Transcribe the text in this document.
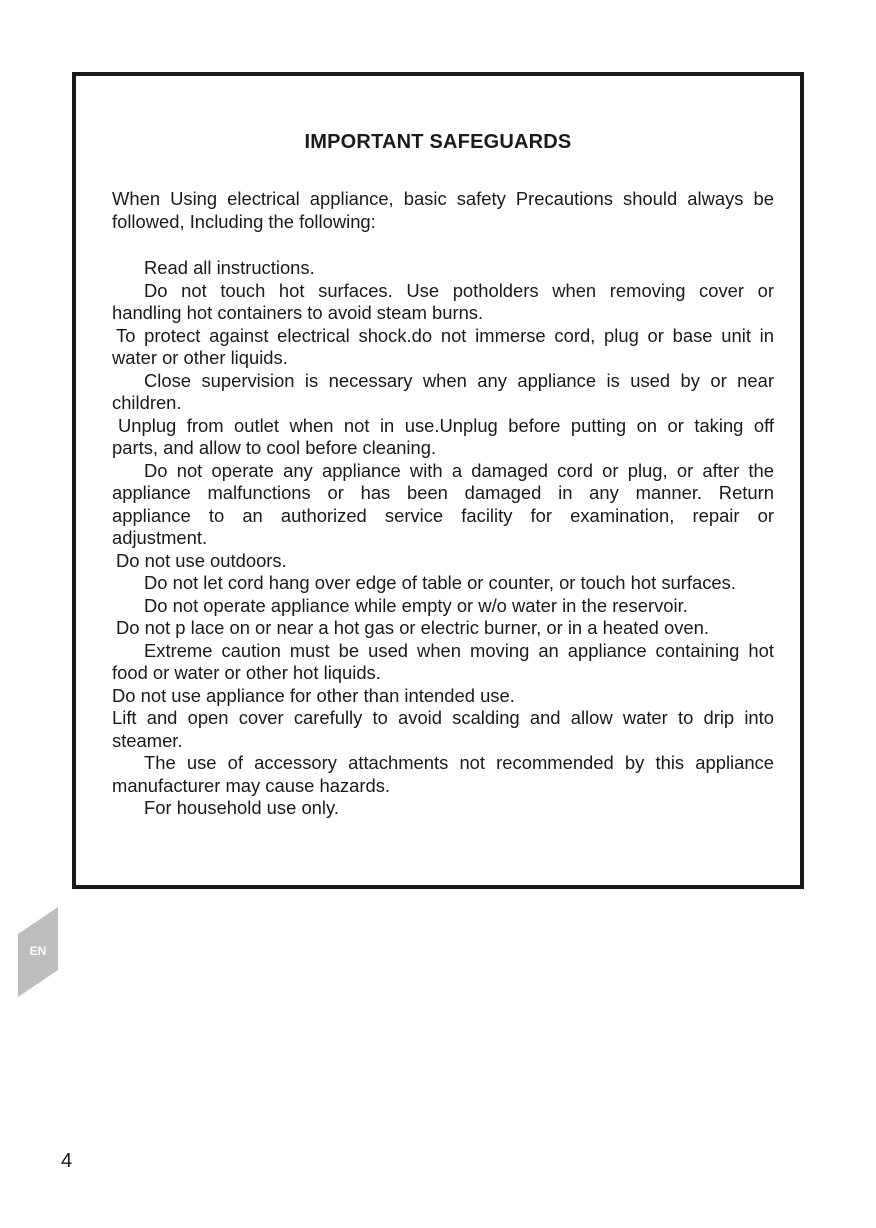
IMPORTANT SAFEGUARDS

When Using electrical appliance, basic safety Precautions should always be followed, Including the following:

Read all instructions.
Do not touch hot surfaces. Use potholders when removing cover or
handling hot containers to avoid steam burns.
To protect against electrical shock.do not immerse cord, plug or base unit in
water or other liquids.
Close supervision is necessary when any appliance is used by or near
children.
Unplug from outlet when not in use.Unplug before putting on or taking off
parts, and allow to cool before cleaning.
Do not operate any appliance with a damaged cord or plug, or after the
appliance malfunctions or has been damaged in any manner. Return
appliance to an authorized service facility for examination, repair or
adjustment.
Do not use outdoors.
Do not let cord hang over edge of table or counter, or touch hot surfaces.
Do not operate appliance while empty or w/o water in the reservoir.
Do not p lace on or near a hot gas or electric burner, or in a heated oven.
Extreme caution must be used when moving an appliance containing hot
food or water or other hot liquids.
Do not use appliance for other than intended use.
Lift and open cover carefully to avoid scalding and allow water to drip into
steamer.
The use of accessory attachments not recommended by this appliance
manufacturer may cause hazards.
For household use only.
EN
4
